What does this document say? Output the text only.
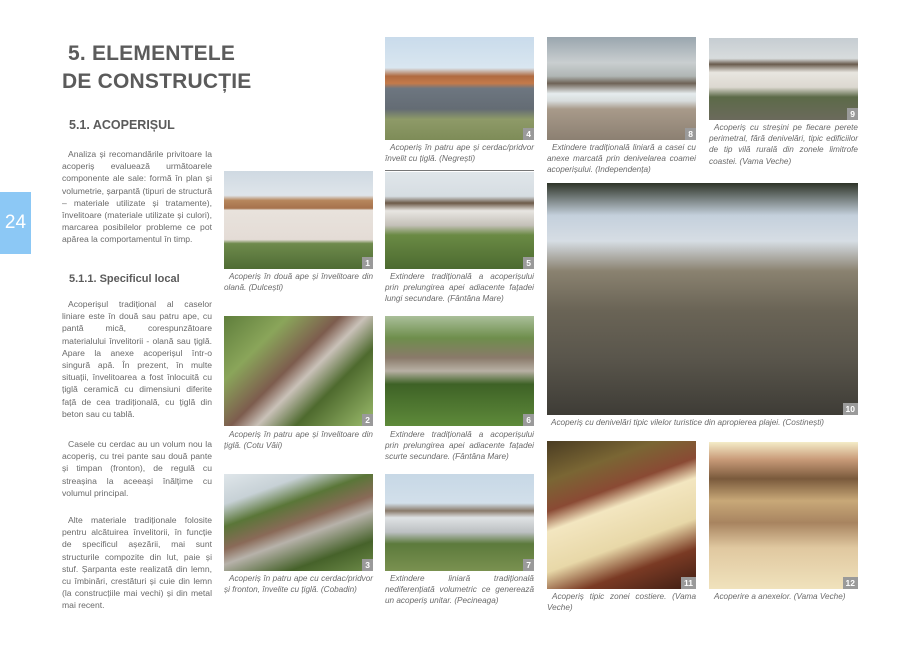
24
5. ELEMENTELE
DE CONSTRUCȚIE
5.1. ACOPERIȘUL
Analiza și recomandările privitoare la acoperiș evaluează următoarele componente ale sale: formă în plan și volumetrie, șarpantă (tipuri de structură – materiale utilizate și tratamente), învelitoare (materiale utilizate și culori), marcarea posibilelor probleme ce pot apărea la comportamentul în timp.
5.1.1. Specificul local
Acoperișul tradițional al caselor liniare este în două sau patru ape, cu pantă mică, corespunzătoare materialului învelitorii - olană sau țiglă. Apare la anexe acoperișul într-o singură apă. În prezent, în multe situații, învelitoarea a fost înlocuită cu țiglă ceramică cu dimensiuni diferite față de cea tradițională, cu țiglă din beton sau cu tablă.
Casele cu cerdac au un volum nou la acoperiș, cu trei pante sau două pante și timpan (fronton), de regulă cu streașina la aceeași înălțime cu volumul principal.
Alte materiale tradiționale folosite pentru alcătuirea învelitorii, în funcție de specificul așezării, mai sunt structurile compozite din lut, paie și stuf. Șarpanta este realizată din lemn, cu îmbinări, crestături și cuie din lemn (la construcțiile mai vechi) și din metal mai recent.
1
Acoperiș în două ape și învelitoare din olană. (Dulcești)
2
Acoperiș în patru ape și învelitoare din țiglă. (Cotu Văii)
3
Acoperiș în patru ape cu cerdac/pridvor și fronton, învelite cu țiglă. (Cobadin)
4
Acoperiș în patru ape și cerdac/pridvor învelit cu țiglă. (Negrești)
5
Extindere tradițională a acoperișului prin prelungirea apei adiacente fațadei lungi secundare. (Fântâna Mare)
6
Extindere tradițională a acoperișului prin prelungirea apei adiacente fațadei scurte secundare. (Fântâna Mare)
7
Extindere liniară tradițională nediferențiată volumetric ce generează un acoperiș unitar. (Pecineaga)
8
Extindere tradițională liniară a casei cu anexe marcată prin denivelarea coamei acoperișului. (Independența)
9
Acoperiș cu streșini pe fiecare perete perimetral, fără denivelări, tipic edificiilor de tip vilă rurală din zonele limitrofe coastei. (Vama Veche)
10
Acoperiș cu denivelări tipic vilelor turistice din apropierea plajei. (Costinești)
11
Acoperiș tipic zonei costiere. (Vama Veche)
12
Acoperire a anexelor. (Vama Veche)
